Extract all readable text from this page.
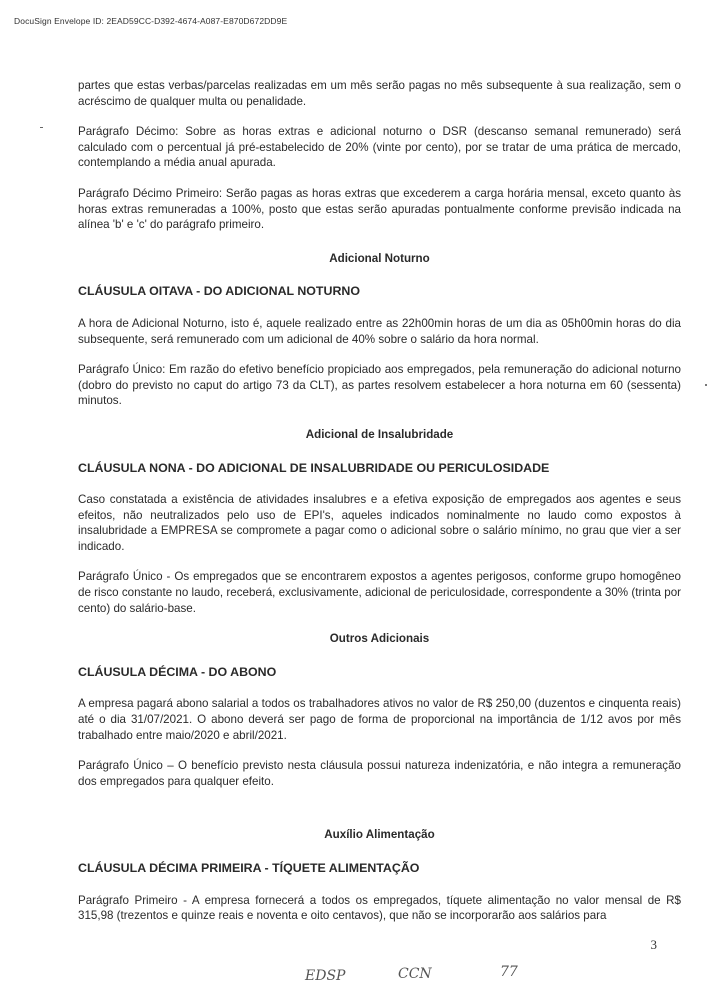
DocuSign Envelope ID: 2EAD59CC-D392-4674-A087-E870D672DD9E

partes que estas verbas/parcelas realizadas em um mês serão pagas no mês subsequente à sua realização, sem o acréscimo de qualquer multa ou penalidade.

Parágrafo Décimo: Sobre as horas extras e adicional noturno o DSR (descanso semanal remunerado) será calculado com o percentual já pré-estabelecido de 20% (vinte por cento), por se tratar de uma prática de mercado, contemplando a média anual apurada.

Parágrafo Décimo Primeiro: Serão pagas as horas extras que excederem a carga horária mensal, exceto quanto às horas extras remuneradas a 100%, posto que estas serão apuradas pontualmente conforme previsão indicada na alínea 'b' e 'c' do parágrafo primeiro.

Adicional Noturno
CLÁUSULA OITAVA - DO ADICIONAL NOTURNO

A hora de Adicional Noturno, isto é, aquele realizado entre as 22h00min horas de um dia as 05h00min horas do dia subsequente, será remunerado com um adicional de 40% sobre o salário da hora normal.

Parágrafo Único: Em razão do efetivo benefício propiciado aos empregados, pela remuneração do adicional noturno (dobro do previsto no caput do artigo 73 da CLT), as partes resolvem estabelecer a hora noturna em 60 (sessenta) minutos.

Adicional de Insalubridade
CLÁUSULA NONA - DO ADICIONAL DE INSALUBRIDADE OU PERICULOSIDADE

Caso constatada a existência de atividades insalubres e a efetiva exposição de empregados aos agentes e seus efeitos, não neutralizados pelo uso de EPI's, aqueles indicados nominalmente no laudo como expostos à insalubridade a EMPRESA se compromete a pagar como o adicional sobre o salário mínimo, no grau que vier a ser indicado.

Parágrafo Único - Os empregados que se encontrarem expostos a agentes perigosos, conforme grupo homogêneo de risco constante no laudo, receberá, exclusivamente, adicional de periculosidade, correspondente a 30% (trinta por cento) do salário-base.

Outros Adicionais
CLÁUSULA DÉCIMA - DO ABONO

A empresa pagará abono salarial a todos os trabalhadores ativos no valor de R$ 250,00 (duzentos e cinquenta reais) até o dia 31/07/2021. O abono deverá ser pago de forma de proporcional na importância de 1/12 avos por mês trabalhado entre maio/2020 e abril/2021.

Parágrafo Único – O benefício previsto nesta cláusula possui natureza indenizatória, e não integra a remuneração dos empregados para qualquer efeito.

Auxílio Alimentação
CLÁUSULA DÉCIMA PRIMEIRA - TÍQUETE ALIMENTAÇÃO

Parágrafo Primeiro - A empresa fornecerá a todos os empregados, tíquete alimentação no valor mensal de R$ 315,98 (trezentos e quinze reais e noventa e oito centavos), que não se incorporarão aos salários para

3
EDSP	CCN	77
